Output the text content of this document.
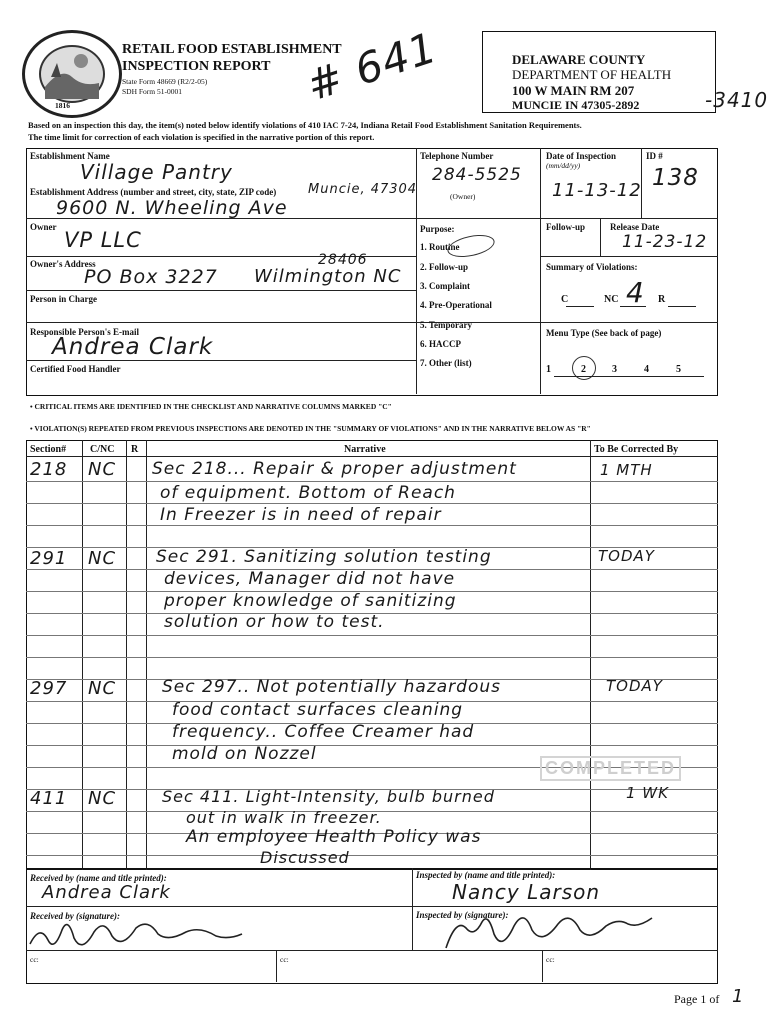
1816
RETAIL FOOD ESTABLISHMENT
INSPECTION REPORT
State Form 48669 (R2/2-05)
SDH Form 51-0001	# 641	DELAWARE COUNTY
DEPARTMENT OF HEALTH
100 W MAIN RM 207
MUNCIE IN 47305-2892	-3410
Based on an inspection this day, the item(s) noted below identify violations of 410 IAC 7-24, Indiana Retail Food Establishment Sanitation Requirements.
The time limit for correction of each violation is specified in the narrative portion of this report.
Establishment Name
Village Pantry
Establishment Address (number and street, city, state, ZIP code) Muncie, 47304
9600 N. Wheeling Ave
Owner
VP LLC
Owner's Address	28406
PO Box 3227 Wilmington NC
Person in Charge
Responsible Person's E-mail
Andrea Clark
Certified Food Handler
Telephone Number
284-5525
(Owner)
Date of Inspection
(mm/dd/yy)
11-13-12
ID #
138
Purpose:
1. Routine
2. Follow-up
3. Complaint
4. Pre-Operational
5. Temporary
6. HACCP
7. Other (list)
Follow-up	Release Date
11-23-12
Summary of Violations:
C	NC 4 R
Menu Type (See back of page)
1	2	3	4	5
• CRITICAL ITEMS ARE IDENTIFIED IN THE CHECKLIST AND NARRATIVE COLUMNS MARKED "C"
• VIOLATION(S) REPEATED FROM PREVIOUS INSPECTIONS ARE DENOTED IN THE "SUMMARY OF VIOLATIONS" AND IN THE NARRATIVE BELOW AS "R"
Section# C/NC R	Narrative	To Be Corrected By
218 NC Sec 218... Repair & proper adjustment
of equipment. Bottom of Reach
In Freezer is in need of repair
1 MTH
291 NC Sec 291. Sanitizing solution testing
devices, Manager did not have
proper knowledge of sanitizing
solution or how to test.
TODAY
297 NC	Sec 297.. Not potentially hazardous
food contact surfaces cleaning
frequency.. Coffee Creamer had
mold on Nozzel
TODAY
COMPLETED
411 NC	Sec 411. Light-Intensity, bulb burned
out in walk in freezer.
An employee Health Policy was
Discussed
1 WK
Received by (name and title printed):
Andrea Clark
Received by (signature):
Inspected by (name and title printed):
Nancy Larson
Inspected by (signature):
cc:	cc:	cc:
Page 1 of 1
